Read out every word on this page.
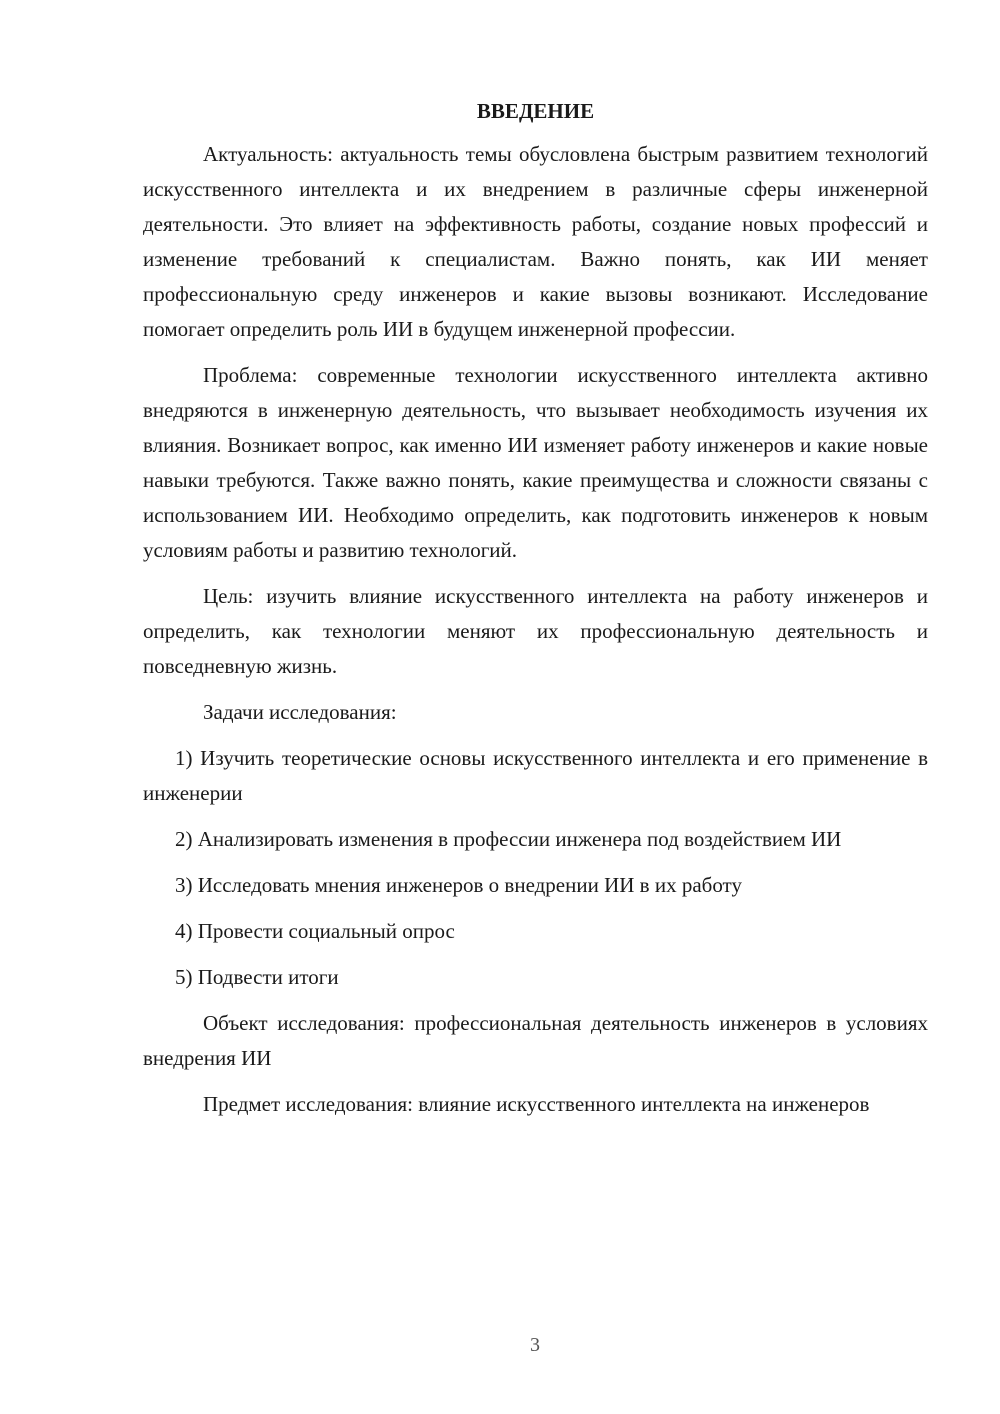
ВВЕДЕНИЕ

Актуальность: актуальность темы обусловлена быстрым развитием технологий искусственного интеллекта и их внедрением в различные сферы инженерной деятельности. Это влияет на эффективность работы, создание новых профессий и изменение требований к специалистам. Важно понять, как ИИ меняет профессиональную среду инженеров и какие вызовы возникают. Исследование помогает определить роль ИИ в будущем инженерной профессии.

Проблема: современные технологии искусственного интеллекта активно внедряются в инженерную деятельность, что вызывает необходимость изучения их влияния. Возникает вопрос, как именно ИИ изменяет работу инженеров и какие новые навыки требуются. Также важно понять, какие преимущества и сложности связаны с использованием ИИ. Необходимо определить, как подготовить инженеров к новым условиям работы и развитию технологий.

Цель: изучить влияние искусственного интеллекта на работу инженеров и определить, как технологии меняют их профессиональную деятельность и повседневную жизнь.

Задачи исследования:

1) Изучить теоретические основы искусственного интеллекта и его применение в инженерии

2) Анализировать изменения в профессии инженера под воздействием ИИ

3) Исследовать мнения инженеров о внедрении ИИ в их работу

4) Провести социальный опрос

5) Подвести итоги

Объект исследования: профессиональная деятельность инженеров в условиях внедрения ИИ

Предмет исследования: влияние искусственного интеллекта на инженеров

3
